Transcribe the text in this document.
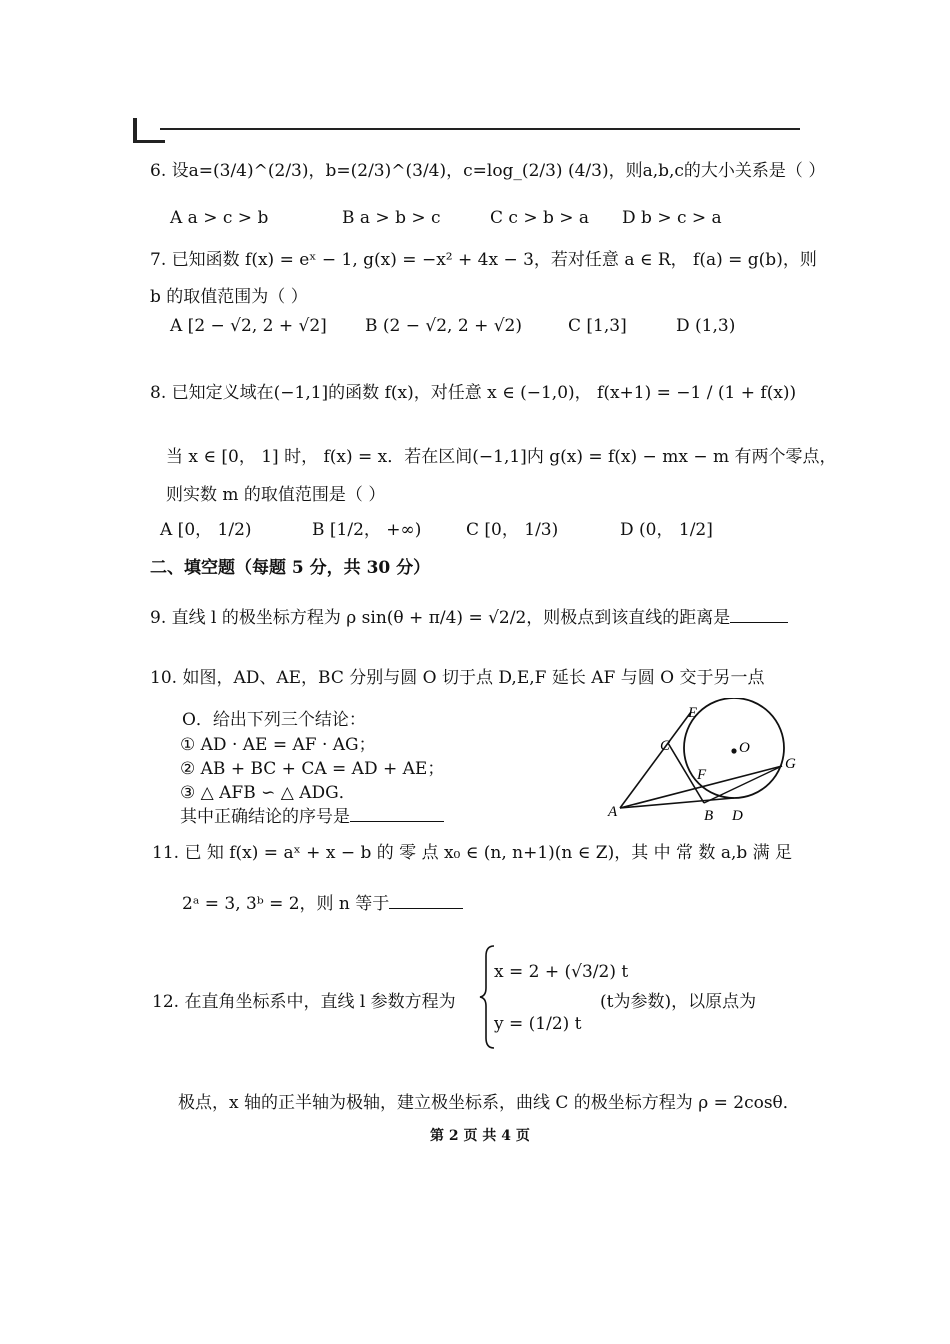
6. 设a=(3/4)^(2/3)，b=(2/3)^(3/4)，c=log_(2/3) (4/3)，则a,b,c的大小关系是（ ）
A a > c > b	B a > b > c	C c > b > a D b > c > a
7. 已知函数 f(x) = eˣ − 1, g(x) = −x² + 4x − 3，若对任意 a ∈ R， f(a) = g(b)，则
b 的取值范围为（ ）
A [2 − √2, 2 + √2] B (2 − √2, 2 + √2)	C [1,3]	D (1,3)
8. 已知定义域在(−1,1]的函数 f(x)，对任意 x ∈ (−1,0)， f(x+1) = −1 / (1 + f(x))
当 x ∈ [0， 1] 时， f(x) = x．若在区间(−1,1]内 g(x) = f(x) − mx − m 有两个零点，
则实数 m 的取值范围是（ ）
A [0， 1/2)	B [1/2， +∞)	C [0， 1/3)	D (0， 1/2]
二、填空题（每题 5 分，共 30 分）
9. 直线 l 的极坐标方程为 ρ sin(θ + π/4) = √2/2，则极点到该直线的距离是
10. 如图，AD、AE，BC 分别与圆 O 切于点 D,E,F 延长 AF 与圆 O 交于另一点
O．给出下列三个结论：
① AD · AE = AF · AG；
② AB + BC + CA = AD + AE；
③ △ AFB ∽ △ ADG．
其中正确结论的序号是
E
C	O
G
F
A	B D
11. 已 知 f(x) = aˣ + x − b 的 零 点 x₀ ∈ (n, n+1)(n ∈ Z)，其 中 常 数 a,b 满 足
2ᵃ = 3, 3ᵇ = 2，则 n 等于
12. 在直角坐标系中，直线 l 参数方程为
x = 2 + (√3/2) t
y = (1/2) t
(t为参数)，以原点为
极点，x 轴的正半轴为极轴，建立极坐标系，曲线 C 的极坐标方程为 ρ = 2cosθ．
第 2 页 共 4 页
